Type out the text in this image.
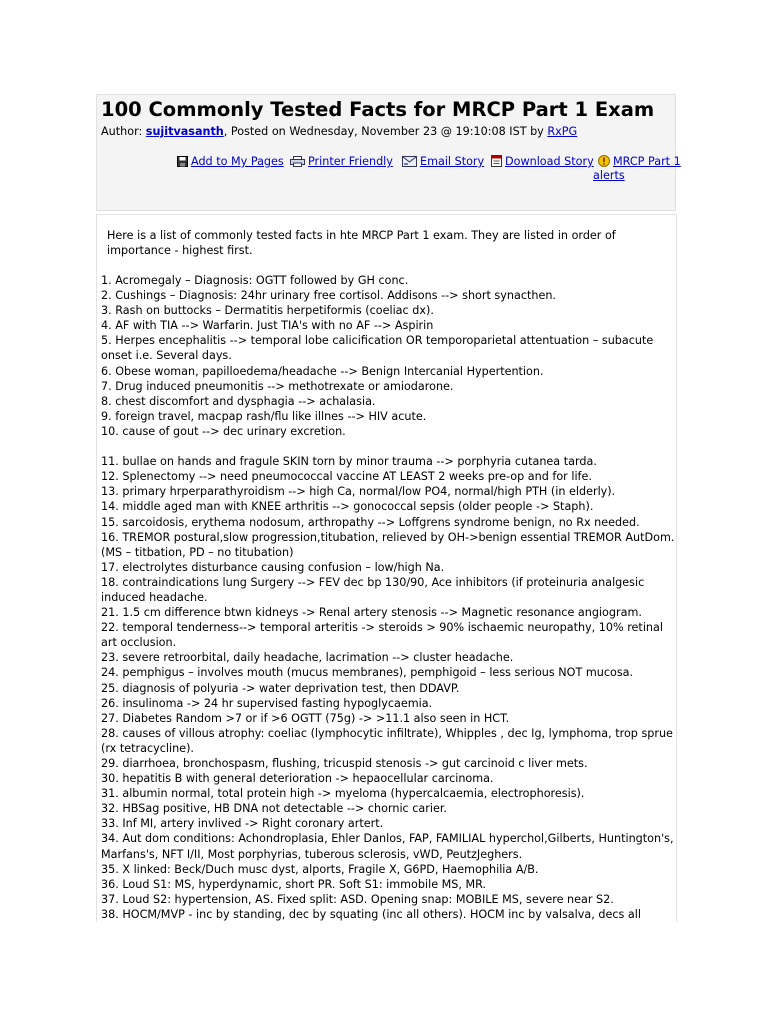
100 Commonly Tested Facts for MRCP Part 1 Exam
Author: sujitvasanth, Posted on Wednesday, November 23 @ 19:10:08 IST by RxPG
Add to My Pages	Printer Friendly	Email Story	Download Story	MRCP Part 1
alerts

Here is a list of commonly tested facts in hte MRCP Part 1 exam. They are listed in order of importance - highest first.

1. Acromegaly – Diagnosis: OGTT followed by GH conc.
2. Cushings – Diagnosis: 24hr urinary free cortisol. Addisons --> short synacthen.
3. Rash on buttocks – Dermatitis herpetiformis (coeliac dx).
4. AF with TIA --> Warfarin. Just TIA's with no AF --> Aspirin
5. Herpes encephalitis --> temporal lobe calicification OR temporoparietal attentuation – subacute onset i.e. Several days.
6. Obese woman, papilloedema/headache --> Benign Intercanial Hypertention.
7. Drug induced pneumonitis --> methotrexate or amiodarone.
8. chest discomfort and dysphagia --> achalasia.
9. foreign travel, macpap rash/flu like illnes --> HIV acute.
10. cause of gout --> dec urinary excretion.
11. bullae on hands and fragule SKIN torn by minor trauma --> porphyria cutanea tarda.
12. Splenectomy --> need pneumococcal vaccine AT LEAST 2 weeks pre-op and for life.
13. primary hrperparathyroidism --> high Ca, normal/low PO4, normal/high PTH (in elderly).
14. middle aged man with KNEE arthritis --> gonococcal sepsis (older people -> Staph).
15. sarcoidosis, erythema nodosum, arthropathy --> Loffgrens syndrome benign, no Rx needed.
16. TREMOR postural,slow progression,titubation, relieved by OH->benign essential TREMOR AutDom. (MS – titbation, PD – no titubation)
17. electrolytes disturbance causing confusion – low/high Na.
18. contraindications lung Surgery --> FEV dec bp 130/90, Ace inhibitors (if proteinuria analgesic induced headache.
21. 1.5 cm difference btwn kidneys -> Renal artery stenosis --> Magnetic resonance angiogram.
22. temporal tenderness--> temporal arteritis -> steroids > 90% ischaemic neuropathy, 10% retinal art occlusion.
23. severe retroorbital, daily headache, lacrimation --> cluster headache.
24. pemphigus – involves mouth (mucus membranes), pemphigoid – less serious NOT mucosa.
25. diagnosis of polyuria -> water deprivation test, then DDAVP.
26. insulinoma -> 24 hr supervised fasting hypoglycaemia.
27. Diabetes Random >7 or if >6 OGTT (75g) -> >11.1 also seen in HCT.
28. causes of villous atrophy: coeliac (lymphocytic infiltrate), Whipples , dec Ig, lymphoma, trop sprue (rx tetracycline).
29. diarrhoea, bronchospasm, flushing, tricuspid stenosis -> gut carcinoid c liver mets.
30. hepatitis B with general deterioration -> hepaocellular carcinoma.
31. albumin normal, total protein high -> myeloma (hypercalcaemia, electrophoresis).
32. HBSag positive, HB DNA not detectable --> chornic carier.
33. Inf MI, artery invlived -> Right coronary artert.
34. Aut dom conditions: Achondroplasia, Ehler Danlos, FAP, FAMILIAL hyperchol,Gilberts, Huntington's, Marfans's, NFT I/II, Most porphyrias, tuberous sclerosis, vWD, PeutzJeghers.
35. X linked: Beck/Duch musc dyst, alports, Fragile X, G6PD, Haemophilia A/B.
36. Loud S1: MS, hyperdynamic, short PR. Soft S1: immobile MS, MR.
37. Loud S2: hypertension, AS. Fixed split: ASD. Opening snap: MOBILE MS, severe near S2.
38. HOCM/MVP - inc by standing, dec by squating (inc all others). HOCM inc by valsalva, decs all
